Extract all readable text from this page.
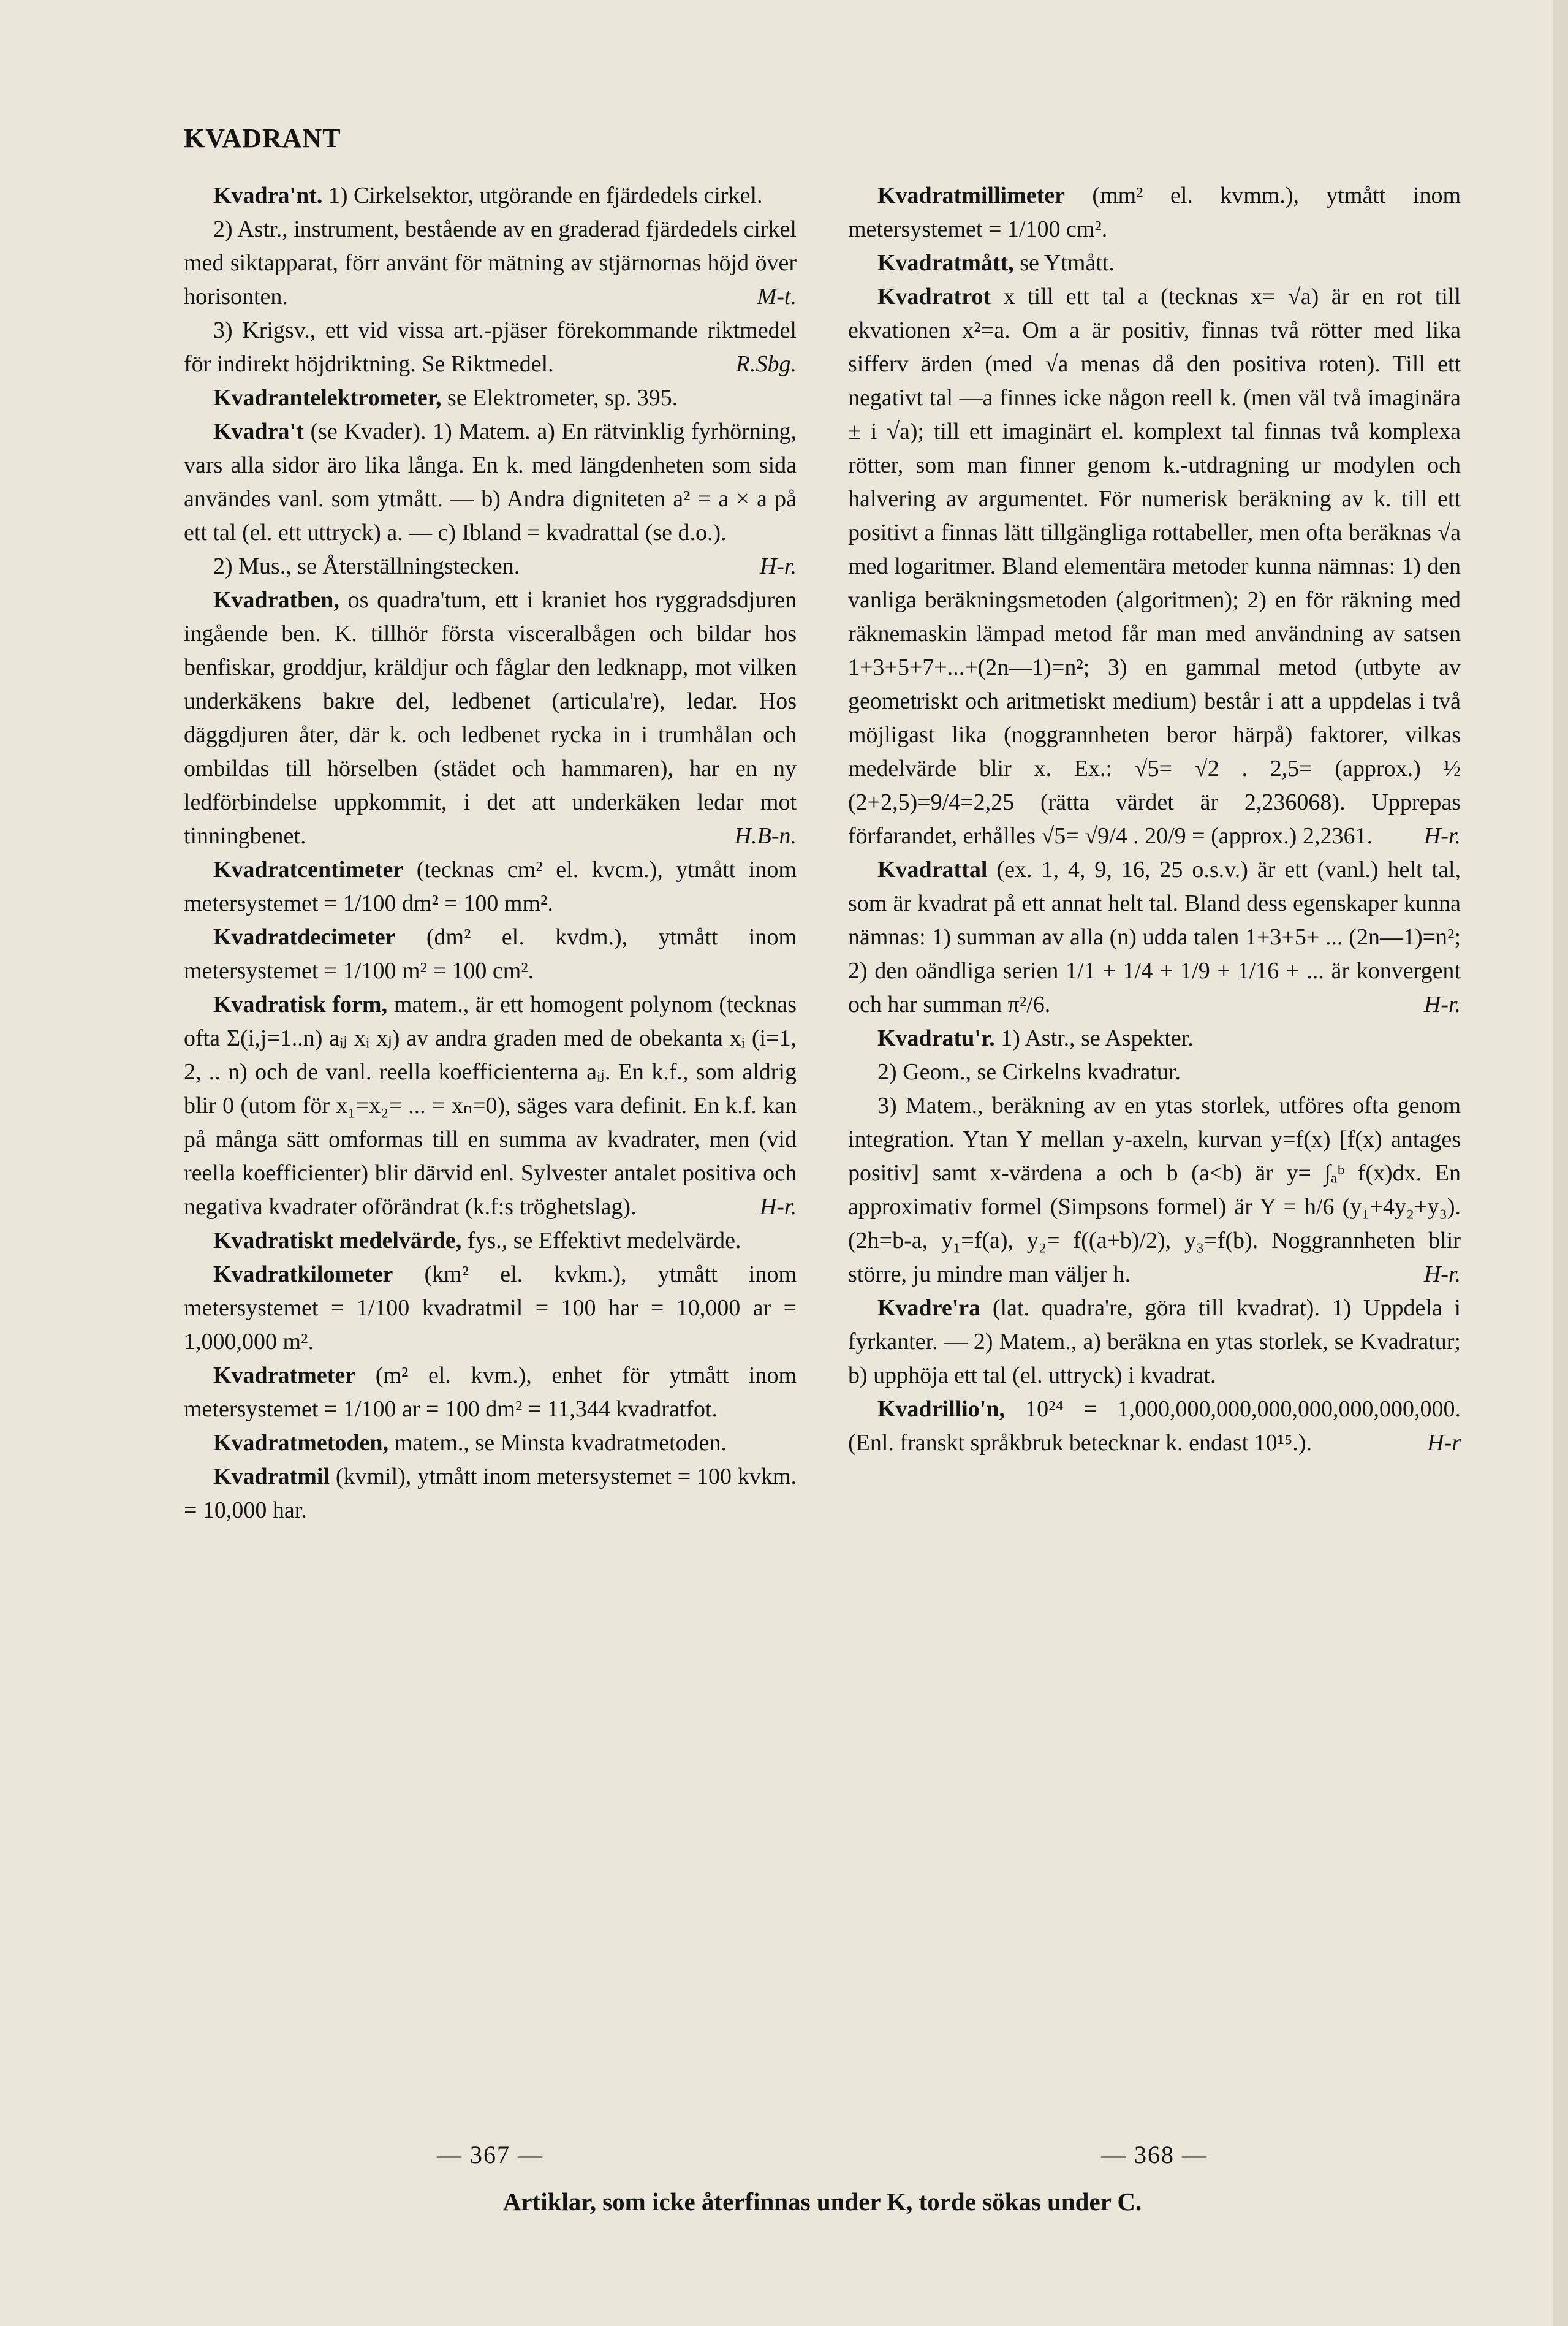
KVADRANT

Kvadra'nt. 1) Cirkelsektor, utgörande en fjärdedels cirkel.

2) Astr., instrument, bestående av en graderad fjärdedels cirkel med siktapparat, förr använt för mätning av stjärnornas höjd över horisonten.	M-t.

3) Krigsv., ett vid vissa art.-pjäser förekommande riktmedel för indirekt höjdriktning. Se Riktmedel.	R.Sbg.

Kvadrantelektrometer, se Elektrometer, sp. 395.

Kvadra't (se Kvader). 1) Matem. a) En rätvinklig fyrhörning, vars alla sidor äro lika långa. En k. med längdenheten som sida användes vanl. som ytmått. — b) Andra digniteten a² = a × a på ett tal (el. ett uttryck) a. — c) Ibland = kvadrattal (se d.o.).
H-r.

2) Mus., se Återställningstecken.

Kvadratben, os quadra'tum, ett i kraniet hos ryggradsdjuren ingående ben. K. tillhör första visceralbågen och bildar hos benfiskar, groddjur, kräldjur och fåglar den ledknapp, mot vilken underkäkens bakre del, ledbenet (articula're), ledar. Hos däggdjuren åter, där k. och ledbenet rycka in i trumhålan och ombildas till hörselben (städet och hammaren), har en ny ledförbindelse uppkommit, i det att underkäken ledar mot tinningbenet.	H.B-n.

Kvadratcentimeter (tecknas cm² el. kvcm.), ytmått inom metersystemet = 1/100 dm² = 100 mm².

Kvadratdecimeter (dm² el. kvdm.), ytmått inom metersystemet = 1/100 m² = 100 cm².

Kvadratisk form, matem., är ett homogent polynom (tecknas ofta Σ(i,j=1..n) aᵢⱼ xᵢ xⱼ) av andra graden med de obekanta xᵢ (i=1, 2, .. n) och de vanl. reella koefficienterna aᵢⱼ. En k.f., som aldrig blir 0 (utom för x₁=x₂= ... = xₙ=0), säges vara definit. En k.f. kan på många sätt omformas till en summa av kvadrater, men (vid reella koefficienter) blir därvid enl. Sylvester antalet positiva och negativa kvadrater oförändrat (k.f:s tröghetslag).	H-r.

Kvadratiskt medelvärde, fys., se Effektivt medelvärde.

Kvadratkilometer (km² el. kvkm.), ytmått inom metersystemet = 1/100 kvadratmil = 100 har = 10,000 ar = 1,000,000 m².

Kvadratmeter (m² el. kvm.), enhet för ytmått inom metersystemet = 1/100 ar = 100 dm² = 11,344 kvadratfot.

Kvadratmetoden, matem., se Minsta kvadratmetoden.

Kvadratmil (kvmil), ytmått inom metersystemet = 100 kvkm. = 10,000 har.

Kvadratmillimeter (mm² el. kvmm.), ytmått inom metersystemet = 1/100 cm².

Kvadratmått, se Ytmått.

Kvadratrot x till ett tal a (tecknas x= √a) är en rot till ekvationen x²=a. Om a är positiv, finnas två rötter med lika sifferv ärden (med √a menas då den positiva roten). Till ett negativt tal —a finnes icke någon reell k. (men väl två imaginära ± i √a); till ett imaginärt el. komplext tal finnas två komplexa rötter, som man finner genom k.-utdragning ur modylen och halvering av argumentet. För numerisk beräkning av k. till ett positivt a finnas lätt tillgängliga rottabeller, men ofta beräknas √a med logaritmer. Bland elementära metoder kunna nämnas: 1) den vanliga beräkningsmetoden (algoritmen); 2) en för räkning med räknemaskin lämpad metod får man med användning av satsen 1+3+5+7+...+(2n—1)=n²; 3) en gammal metod (utbyte av geometriskt och aritmetiskt medium) består i att a uppdelas i två möjligast lika (noggrannheten beror härpå) faktorer, vilkas medelvärde blir x. Ex.: √5= √2 . 2,5= (approx.) ½ (2+2,5)=9/4=2,25 (rätta värdet är 2,236068). Upprepas förfarandet, erhålles √5= √9/4 . 20/9 = (approx.) 2,2361.	H-r.

Kvadrattal (ex. 1, 4, 9, 16, 25 o.s.v.) är ett (vanl.) helt tal, som är kvadrat på ett annat helt tal. Bland dess egenskaper kunna nämnas: 1) summan av alla (n) udda talen 1+3+5+ ... (2n—1)=n²; 2) den oändliga serien 1/1 + 1/4 + 1/9 + 1/16 + ... är konvergent och har summan π²/6.	H-r.

Kvadratu'r. 1) Astr., se Aspekter.

2) Geom., se Cirkelns kvadratur.

3) Matem., beräkning av en ytas storlek, utföres ofta genom integration. Ytan Y mellan y-axeln, kurvan y=f(x) [f(x) antages positiv] samt x-värdena a och b (a<b) är y= ∫ₐᵇ f(x)dx. En approximativ formel (Simpsons formel) är Y = h/6 (y₁+4y₂+y₃). (2h=b-a, y₁=f(a), y₂= f((a+b)/2), y₃=f(b). Noggrannheten blir större, ju mindre man väljer h.	H-r.

Kvadre'ra (lat. quadra're, göra till kvadrat). 1) Uppdela i fyrkanter. — 2) Matem., a) beräkna en ytas storlek, se Kvadratur; b) upphöja ett tal (el. uttryck) i kvadrat.

Kvadrillio'n, 10²⁴ = 1,000,000,000,000,000,000,000,000. (Enl. franskt språkbruk betecknar k. endast 10¹⁵.).	H-r

— 367 —	— 368 —
Artiklar, som icke återfinnas under K, torde sökas under C.
